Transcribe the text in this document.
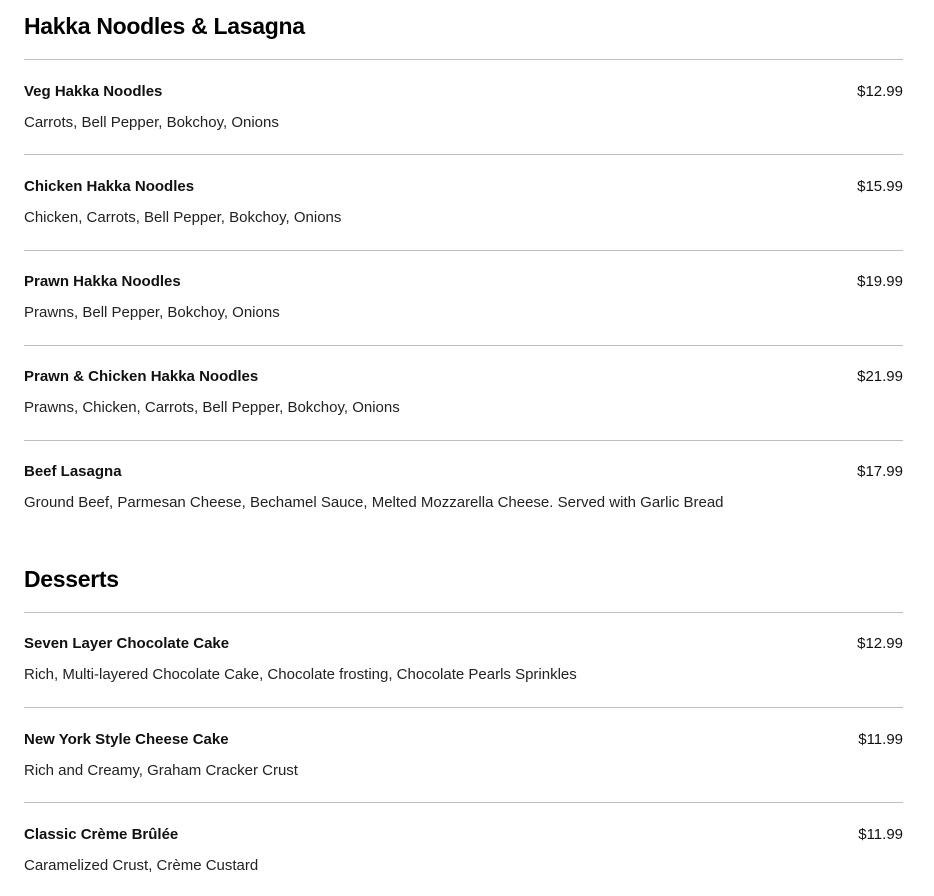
Hakka Noodles & Lasagna
Veg Hakka Noodles	$12.99
Carrots, Bell Pepper, Bokchoy, Onions
Chicken Hakka Noodles	$15.99
Chicken, Carrots, Bell Pepper, Bokchoy, Onions
Prawn Hakka Noodles	$19.99
Prawns, Bell Pepper, Bokchoy, Onions
Prawn & Chicken Hakka Noodles	$21.99
Prawns, Chicken, Carrots, Bell Pepper, Bokchoy, Onions
Beef Lasagna	$17.99
Ground Beef, Parmesan Cheese, Bechamel Sauce, Melted Mozzarella Cheese. Served with Garlic Bread
Desserts
Seven Layer Chocolate Cake	$12.99
Rich, Multi-layered Chocolate Cake, Chocolate frosting, Chocolate Pearls Sprinkles
New York Style Cheese Cake	$11.99
Rich and Creamy, Graham Cracker Crust
Classic Crème Brûlée	$11.99
Caramelized Crust, Crème Custard
